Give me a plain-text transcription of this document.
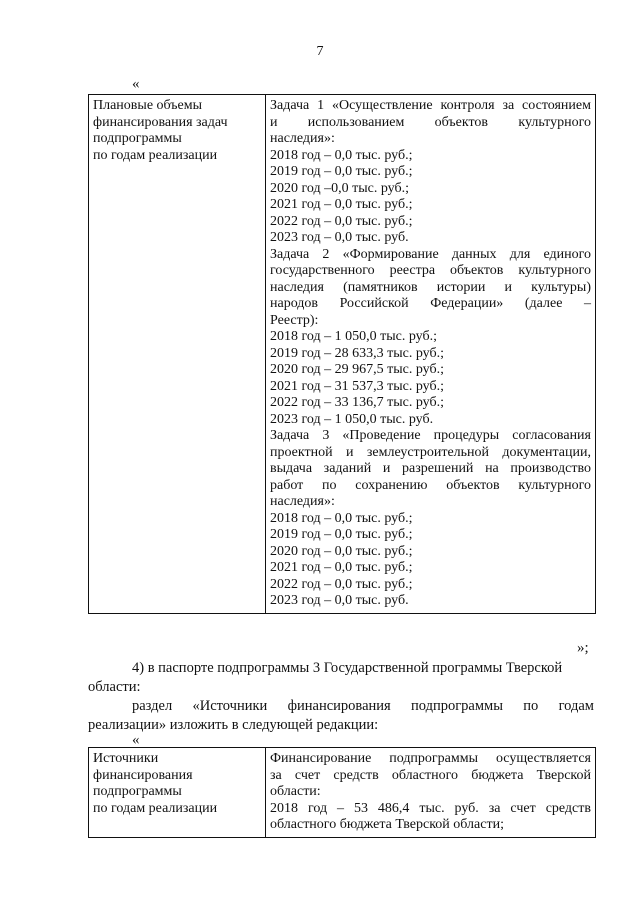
7
«
Плановые объемы
финансирования задач
подпрограммы
по годам реализации

Задача 1 «Осуществление контроля за состоянием
и использованием объектов культурного
наследия»:
2018 год – 0,0 тыс. руб.;
2019 год – 0,0 тыс. руб.;
2020 год –0,0 тыс. руб.;
2021 год – 0,0 тыс. руб.;
2022 год – 0,0 тыс. руб.;
2023 год – 0,0 тыс. руб.
Задача 2 «Формирование данных для единого
государственного реестра объектов культурного
наследия (памятников истории и культуры)
народов Российской Федерации» (далее –
Реестр):
2018 год – 1 050,0 тыс. руб.;
2019 год – 28 633,3 тыс. руб.;
2020 год – 29 967,5 тыс. руб.;
2021 год – 31 537,3 тыс. руб.;
2022 год – 33 136,7 тыс. руб.;
2023 год – 1 050,0 тыс. руб.
Задача 3 «Проведение процедуры согласования
проектной и землеустроительной документации,
выдача заданий и разрешений на производство
работ по сохранению объектов культурного
наследия»:
2018 год – 0,0 тыс. руб.;
2019 год – 0,0 тыс. руб.;
2020 год – 0,0 тыс. руб.;
2021 год – 0,0 тыс. руб.;
2022 год – 0,0 тыс. руб.;
2023 год – 0,0 тыс. руб.
»;
4) в паспорте подпрограммы 3 Государственной программы Тверской
области:
раздел «Источники финансирования подпрограммы по годам
реализации» изложить в следующей редакции:
«
Источники
финансирования
подпрограммы
по годам реализации

Финансирование подпрограммы осуществляется
за счет средств областного бюджета Тверской
области:
2018 год – 53 486,4 тыс. руб. за счет средств
областного бюджета Тверской области;
